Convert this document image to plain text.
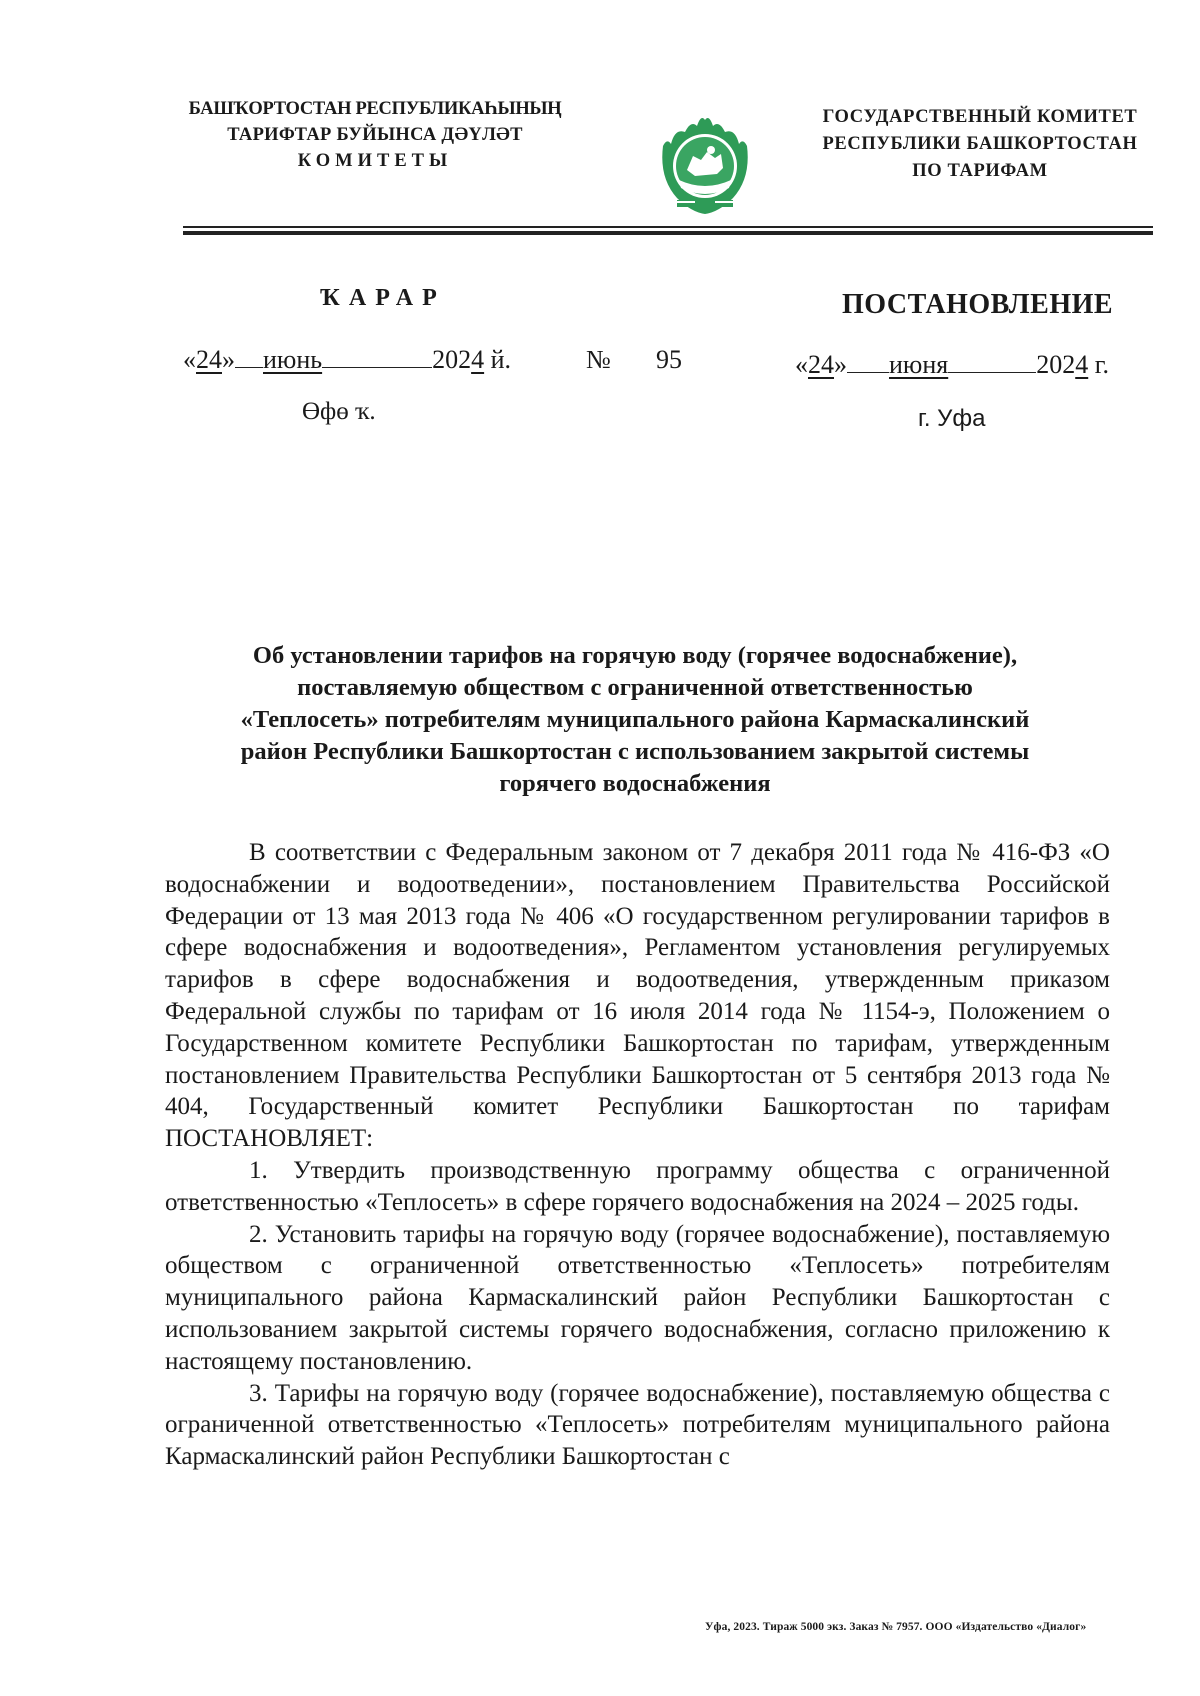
БАШҠОРТОСТАН РЕСПУБЛИКАҺЫНЫҢ
ТАРИФТАР БУЙЫНСА ДӘҮЛӘТ
КОМИТЕТЫ
ГОСУДАРСТВЕННЫЙ КОМИТЕТ
РЕСПУБЛИКИ БАШКОРТОСТАН
ПО ТАРИФАМ
ҠАРАР	ПОСТАНОВЛЕНИЕ
«24» июнь	2024 й.	№ 95	«24» июня	2024 г.
Өфө ҡ.	г. Уфа
Об установлении тарифов на горячую воду (горячее водоснабжение),
поставляемую обществом с ограниченной ответственностью
«Теплосеть» потребителям муниципального района Кармаскалинский
район Республики Башкортостан с использованием закрытой системы
горячего водоснабжения

В соответствии с Федеральным законом от 7 декабря 2011 года № 416-ФЗ «О водоснабжении и водоотведении», постановлением Правительства Российской Федерации от 13 мая 2013 года № 406 «О государственном регулировании тарифов в сфере водоснабжения и водоотведения», Регламентом установления регулируемых тарифов в сфере водоснабжения и водоотведения, утвержденным приказом Федеральной службы по тарифам от 16 июля 2014 года № 1154-э, Положением о Государственном комитете Республики Башкортостан по тарифам, утвержденным постановлением Правительства Республики Башкортостан от 5 сентября 2013 года № 404, Государственный комитет Республики Башкортостан по тарифам ПОСТАНОВЛЯЕТ:

1. Утвердить производственную программу общества с ограниченной ответственностью «Теплосеть» в сфере горячего водоснабжения на 2024 – 2025 годы.

2. Установить тарифы на горячую воду (горячее водоснабжение), поставляемую обществом с ограниченной ответственностью «Теплосеть» потребителям муниципального района Кармаскалинский район Республики Башкортостан с использованием закрытой системы горячего водоснабжения, согласно приложению к настоящему постановлению.

3. Тарифы на горячую воду (горячее водоснабжение), поставляемую общества с ограниченной ответственностью «Теплосеть» потребителям муниципального района Кармаскалинский район Республики Башкортостан с

Уфа, 2023. Тираж 5000 экз. Заказ № 7957. ООО «Издательство «Диалог»
